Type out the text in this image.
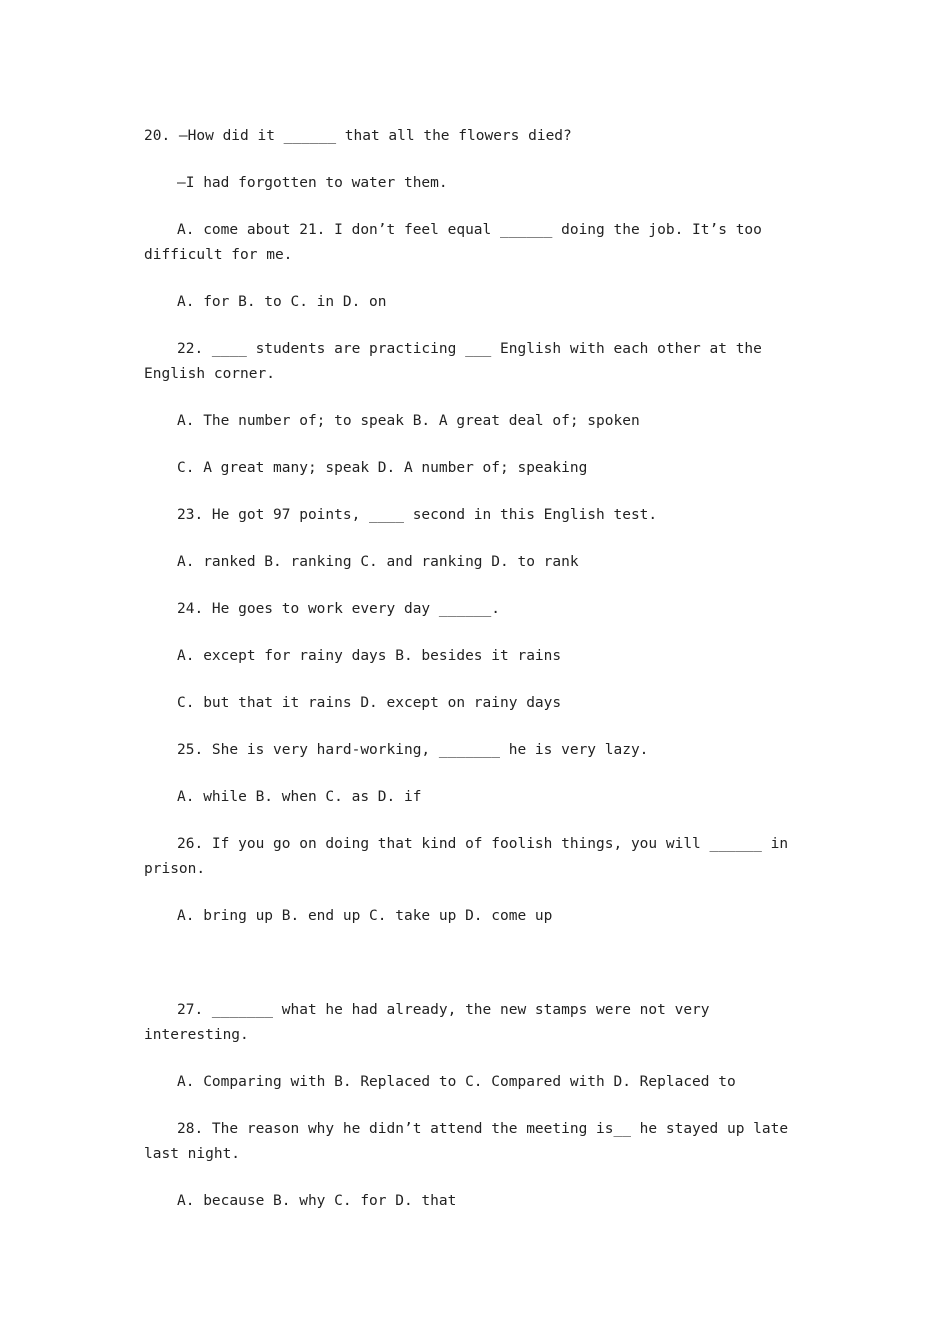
20. —How did it ______ that all the flowers died?

—I had forgotten to water them.

A. come about 21. I don’t feel equal ______ doing the job. It’s too difficult for me.

A. for B. to C. in D. on

22. ____ students are practicing ___ English with each other at the English corner.

A. The number of; to speak B. A great deal of; spoken

C. A great many; speak D. A number of; speaking

23. He got 97 points, ____ second in this English test.

A. ranked B. ranking C. and ranking D. to rank

24. He goes to work every day ______.

A. except for rainy days B. besides it rains

C. but that it rains D. except on rainy days

25. She is very hard-working, _______ he is very lazy.

A. while B. when C. as D. if

26. If you go on doing that kind of foolish things, you will ______ in prison.

A. bring up B. end up C. take up D. come up

27. _______ what he had already, the new stamps were not very interesting.

A. Comparing with B. Replaced to C. Compared with D. Replaced to

28. The reason why he didn’t attend the meeting is__ he stayed up late last night.

A. because B. why C. for D. that
